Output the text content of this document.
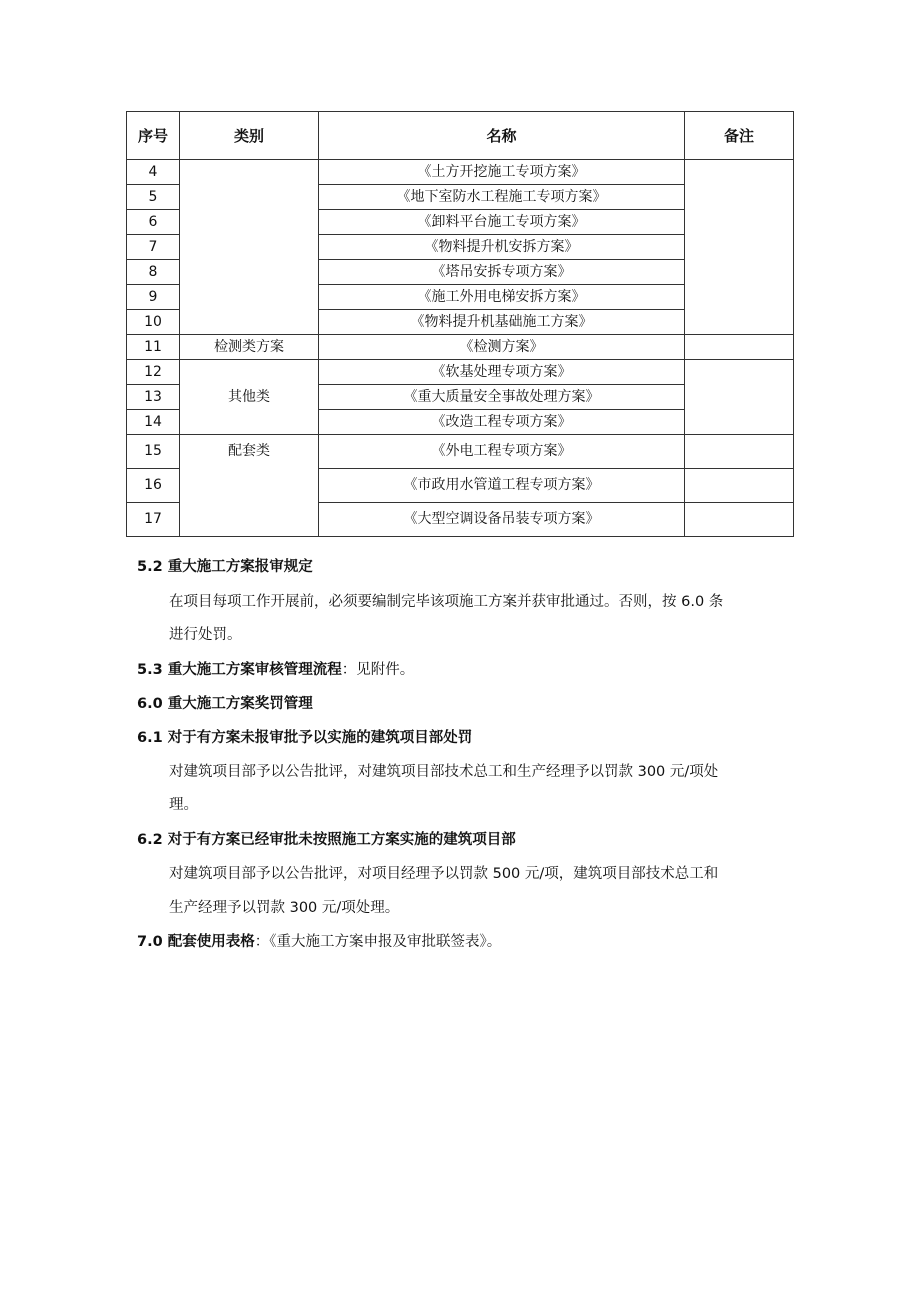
序号	类别	名称	备注
4		《土方开挖施工专项方案》	
5		《地下室防水工程施工专项方案》	
6		《卸料平台施工专项方案》	
7		《物料提升机安拆方案》	
8		《塔吊安拆专项方案》	
9		《施工外用电梯安拆方案》	
10		《物料提升机基础施工方案》	
11	检测类方案	《检测方案》	
12	其他类	《软基处理专项方案》	
13		《重大质量安全事故处理方案》	
14		《改造工程专项方案》	
15	配套类	《外电工程专项方案》	
16		《市政用水管道工程专项方案》	
17		《大型空调设备吊装专项方案》	
5.2 重大施工方案报审规定
在项目每项工作开展前，必须要编制完毕该项施工方案并获审批通过。否则，按 6.0 条
进行处罚。
5.3 重大施工方案审核管理流程：见附件。
6.0 重大施工方案奖罚管理
6.1 对于有方案未报审批予以实施的建筑项目部处罚
对建筑项目部予以公告批评，对建筑项目部技术总工和生产经理予以罚款 300 元/项处
理。
6.2 对于有方案已经审批未按照施工方案实施的建筑项目部
对建筑项目部予以公告批评，对项目经理予以罚款 500 元/项，建筑项目部技术总工和
生产经理予以罚款 300 元/项处理。
7.0 配套使用表格：《重大施工方案申报及审批联签表》。
